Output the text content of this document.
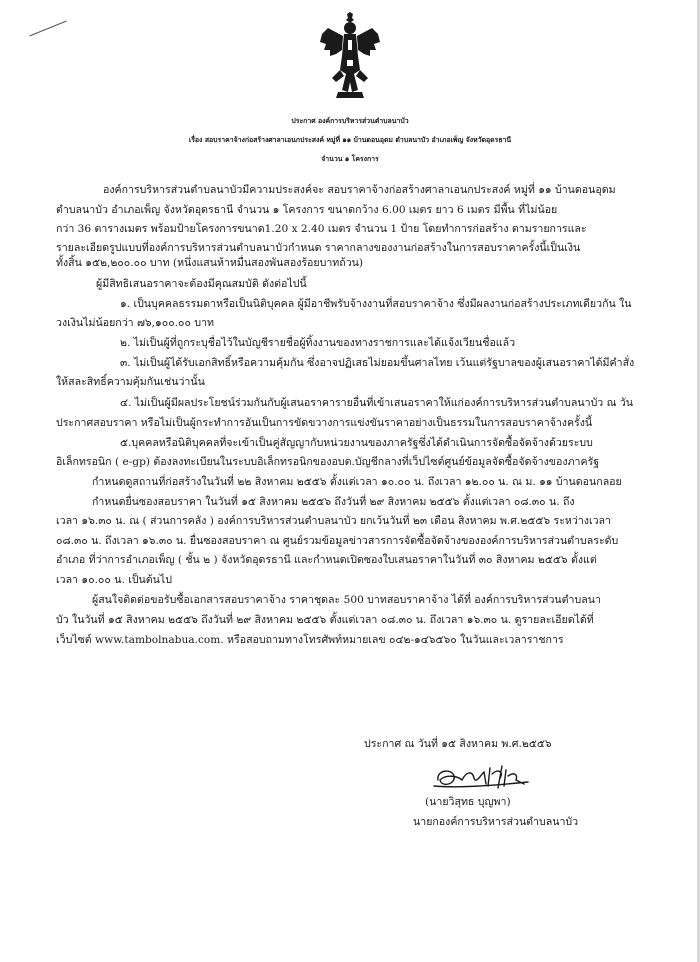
ประกาศ องค์การบริหารส่วนตำบลนาบัว
เรื่อง สอบราคาจ้างก่อสร้างศาลาเอนกประสงค์ หมู่ที่ ๑๑ บ้านดอนอุดม ตำบลนาบัว อำเภอเพ็ญ จังหวัดอุดรธานี
จำนวน ๑ โครงการ
องค์การบริหารส่วนตำบลนาบัวมีความประสงค์จะ สอบราคาจ้างก่อสร้างศาลาเอนกประสงค์ หมู่ที่ ๑๑ บ้านดอนอุดม
ตำบลนาบัว อำเภอเพ็ญ จังหวัดอุดรธานี จำนวน ๑ โครงการ ขนาดกว้าง 6.00 เมตร ยาว 6 เมตร มีพื้น ที่ไม่น้อย
กว่า 36 ตารางเมตร พร้อมป้ายโครงการขนาด1.20 x 2.40 เมตร จำนวน 1 ป้าย โดยทำการก่อสร้าง ตามรายการและ
รายละเอียดรูปแบบที่องค์การบริหารส่วนตำบลนาบัวกำหนด ราคากลางของงานก่อสร้างในการสอบราคาครั้งนี้เป็นเงิน
ทั้งสิ้น ๑๕๒,๒๐๐.๐๐ บาท (หนึ่งแสนห้าหมื่นสองพันสองร้อยบาทถ้วน)
ผู้มีสิทธิเสนอราคาจะต้องมีคุณสมบัติ ดังต่อไปนี้
๑. เป็นบุคคลธรรมดาหรือเป็นนิติบุคคล ผู้มีอาชีพรับจ้างงานที่สอบราคาจ้าง ซึ่งมีผลงานก่อสร้างประเภทเดียวกัน ใน
วงเงินไม่น้อยกว่า ๗๖,๑๐๐.๐๐ บาท
๒. ไม่เป็นผู้ที่ถูกระบุชื่อไว้ในบัญชีรายชื่อผู้ทิ้งงานของทางราชการและได้แจ้งเวียนชื่อแล้ว
๓. ไม่เป็นผู้ได้รับเอกสิทธิ์หรือความคุ้มกัน ซึ่งอาจปฏิเสธไม่ยอมขึ้นศาลไทย เว้นแต่รัฐบาลของผู้เสนอราคาได้มีคำสั่ง
ให้สละสิทธิ์ความคุ้มกันเช่นว่านั้น
๔. ไม่เป็นผู้มีผลประโยชน์ร่วมกันกับผู้เสนอราคารายอื่นที่เข้าเสนอราคาให้แก่องค์การบริหารส่วนตำบลนาบัว ณ วัน
ประกาศสอบราคา หรือไม่เป็นผู้กระทำการอันเป็นการขัดขวางการแข่งขันราคาอย่างเป็นธรรมในการสอบราคาจ้างครั้งนี้
๕.บุคคลหรือนิติบุคคลที่จะเข้าเป็นคู่สัญญากับหน่วยงานของภาครัฐซึ่งได้ดำเนินการจัดซื้อจัดจ้างด้วยระบบ
อิเล็กทรอนิก ( e-gp) ต้องลงทะเบียนในระบบอิเล็กทรอนิกของอบต.บัญชีกลางที่เว็ปไซต์ศูนย์ข้อมูลจัดซื้อจัดจ้างของภาครัฐ
กำหนดดูสถานที่ก่อสร้างในวันที่ ๒๒ สิงหาคม ๒๕๕๖ ตั้งแต่เวลา ๑๐.๐๐ น. ถึงเวลา ๑๒.๐๐ น. ณ ม. ๑๑ บ้านดอนกลอย
กำหนดยื่นซองสอบราคา ในวันที่ ๑๕ สิงหาคม ๒๕๕๖ ถึงวันที่ ๒๙ สิงหาคม ๒๕๕๖ ตั้งแต่เวลา ๐๘.๓๐ น. ถึง
เวลา ๑๖.๓๐ น. ณ ( ส่วนการคลัง ) องค์การบริหารส่วนตำบลนาบัว ยกเว้นวันที่ ๒๓ เดือน สิงหาคม พ.ศ.๒๕๕๖ ระหว่างเวลา
๐๘.๓๐ น. ถึงเวลา ๑๖.๓๐ น. ยื่นซองสอบราคา ณ ศูนย์รวมข้อมูลข่าวสารการจัดซื้อจัดจ้างขององค์การบริหารส่วนตำบลระดับ
อำเภอ ที่ว่าการอำเภอเพ็ญ ( ชั้น ๒ ) จังหวัดอุดรธานี และกำหนดเปิดซองใบเสนอราคาในวันที่ ๓๐ สิงหาคม ๒๕๕๖ ตั้งแต่
เวลา ๑๐.๐๐ น. เป็นต้นไป
ผู้สนใจติดต่อขอรับซื้อเอกสารสอบราคาจ้าง ราคาชุดละ 500 บาทสอบราคาจ้าง ได้ที่ องค์การบริหารส่วนตำบลนา
บัว ในวันที่ ๑๕ สิงหาคม ๒๕๕๖ ถึงวันที่ ๒๙ สิงหาคม ๒๕๕๖ ตั้งแต่เวลา ๐๘.๓๐ น. ถึงเวลา ๑๖.๓๐ น. ดูรายละเอียดได้ที่
เว็บไซต์ www.tambolnabua.com. หรือสอบถามทางโทรศัพท์หมายเลข ๐๔๒-๑๔๖๕๖๐ ในวันและเวลาราชการ
ประกาศ ณ วันที่ ๑๕ สิงหาคม พ.ศ.๒๕๕๖
(นายวิสุทธ บุญพา)
นายกองค์การบริหารส่วนตำบลนาบัว
